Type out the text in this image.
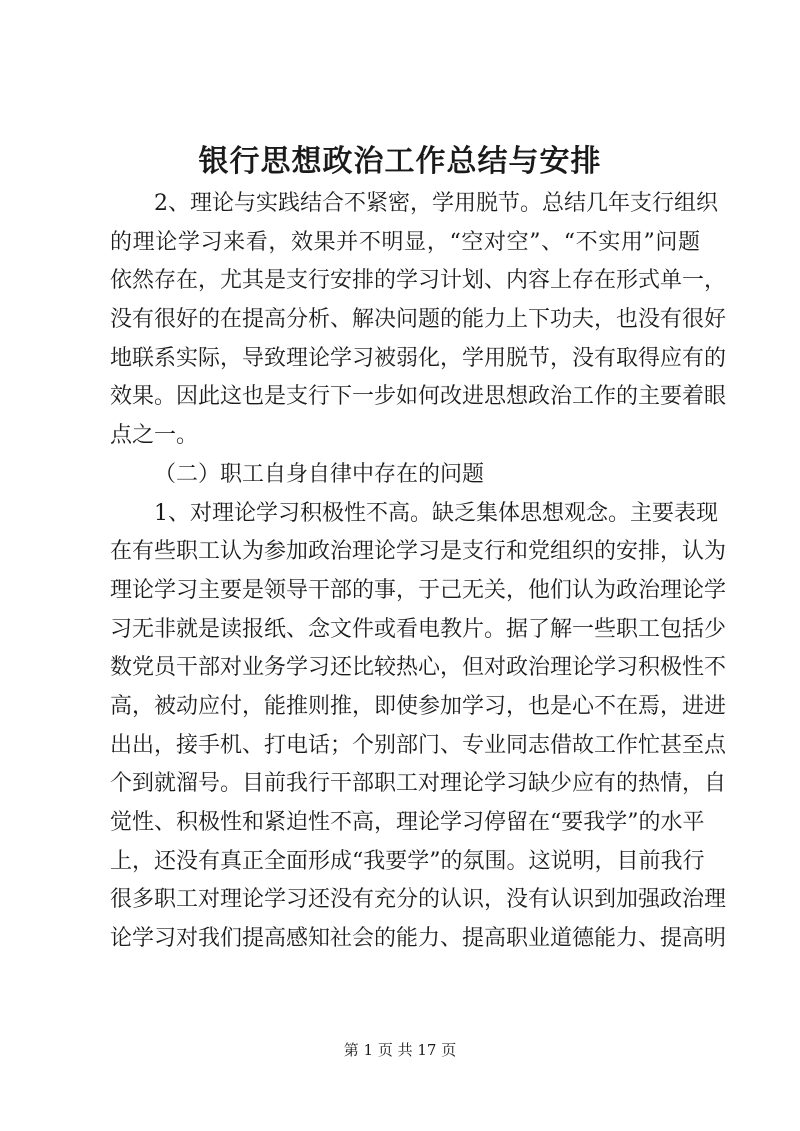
银行思想政治工作总结与安排
2、理论与实践结合不紧密，学用脱节。总结几年支行组织
的理论学习来看，效果并不明显，“空对空”、“不实用”问题
依然存在，尤其是支行安排的学习计划、内容上存在形式单一，
没有很好的在提高分析、解决问题的能力上下功夫，也没有很好
地联系实际，导致理论学习被弱化，学用脱节，没有取得应有的
效果。因此这也是支行下一步如何改进思想政治工作的主要着眼
点之一。
（二）职工自身自律中存在的问题
1、对理论学习积极性不高。缺乏集体思想观念。主要表现
在有些职工认为参加政治理论学习是支行和党组织的安排，认为
理论学习主要是领导干部的事，于己无关，他们认为政治理论学
习无非就是读报纸、念文件或看电教片。据了解一些职工包括少
数党员干部对业务学习还比较热心，但对政治理论学习积极性不
高，被动应付，能推则推，即使参加学习，也是心不在焉，进进
出出，接手机、打电话；个别部门、专业同志借故工作忙甚至点
个到就溜号。目前我行干部职工对理论学习缺少应有的热情，自
觉性、积极性和紧迫性不高，理论学习停留在“要我学”的水平
上，还没有真正全面形成“我要学”的氛围。这说明，目前我行
很多职工对理论学习还没有充分的认识，没有认识到加强政治理
论学习对我们提高感知社会的能力、提高职业道德能力、提高明
第 1 页 共 17 页
